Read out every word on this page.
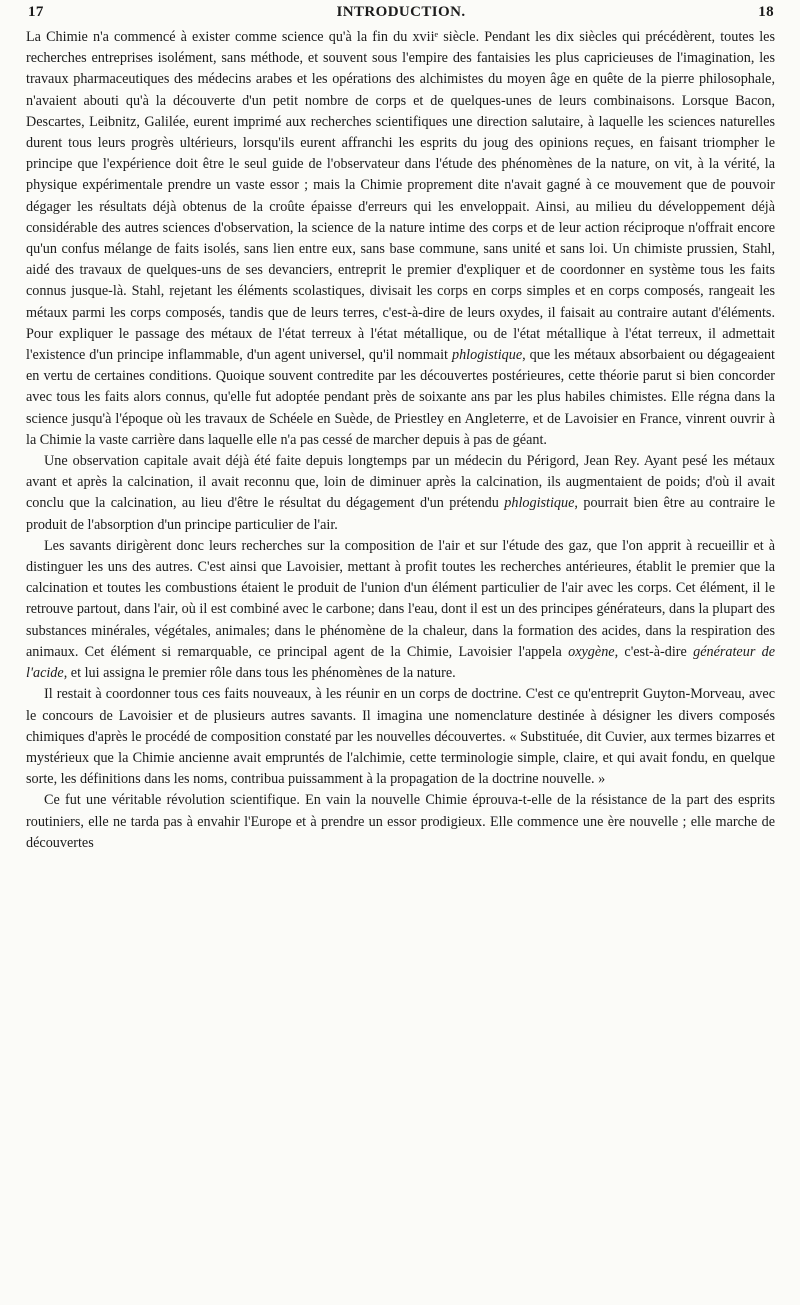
17	INTRODUCTION.	18

La Chimie n'a commencé à exister comme science qu'à la fin du xviiᵉ siècle. Pendant les dix siècles qui précédèrent, toutes les recherches entreprises isolément, sans méthode, et souvent sous l'empire des fantaisies les plus capricieuses de l'imagination, les travaux pharmaceutiques des médecins arabes et les opérations des alchimistes du moyen âge en quête de la pierre philosophale, n'avaient abouti qu'à la découverte d'un petit nombre de corps et de quelques-unes de leurs combinaisons. Lorsque Bacon, Descartes, Leibnitz, Galilée, eurent imprimé aux recherches scientifiques une direction salutaire, à laquelle les sciences naturelles durent tous leurs progrès ultérieurs, lorsqu'ils eurent affranchi les esprits du joug des opinions reçues, en faisant triompher le principe que l'expérience doit être le seul guide de l'observateur dans l'étude des phénomènes de la nature, on vit, à la vérité, la physique expérimentale prendre un vaste essor ; mais la Chimie proprement dite n'avait gagné à ce mouvement que de pouvoir dégager les résultats déjà obtenus de la croûte épaisse d'erreurs qui les enveloppait. Ainsi, au milieu du développement déjà considérable des autres sciences d'observation, la science de la nature intime des corps et de leur action réciproque n'offrait encore qu'un confus mélange de faits isolés, sans lien entre eux, sans base commune, sans unité et sans loi. Un chimiste prussien, Stahl, aidé des travaux de quelques-uns de ses devanciers, entreprit le premier d'expliquer et de coordonner en système tous les faits connus jusque-là. Stahl, rejetant les éléments scolastiques, divisait les corps en corps simples et en corps composés, rangeait les métaux parmi les corps composés, tandis que de leurs terres, c'est-à-dire de leurs oxydes, il faisait au contraire autant d'éléments. Pour expliquer le passage des métaux de l'état terreux à l'état métallique, ou de l'état métallique à l'état terreux, il admettait l'existence d'un principe inflammable, d'un agent universel, qu'il nommait phlogistique, que les métaux absorbaient ou dégageaient en vertu de certaines conditions. Quoique souvent contredite par les découvertes postérieures, cette théorie parut si bien concorder avec tous les faits alors connus, qu'elle fut adoptée pendant près de soixante ans par les plus habiles chimistes. Elle régna dans la science jusqu'à l'époque où les travaux de Schéele en Suède, de Priestley en Angleterre, et de Lavoisier en France, vinrent ouvrir à la Chimie la vaste carrière dans laquelle elle n'a pas cessé de marcher depuis à pas de géant.

Une observation capitale avait déjà été faite depuis longtemps par un médecin du Périgord, Jean Rey. Ayant pesé les métaux avant et après la calcination, il avait reconnu que, loin de diminuer après la calcination, ils augmentaient de poids; d'où il avait conclu que la calcination, au lieu d'être le résultat du dégagement d'un prétendu phlogistique, pourrait bien être au contraire le produit de l'absorption d'un principe particulier de l'air.

Les savants dirigèrent donc leurs recherches sur la composition de l'air et sur l'étude des gaz, que l'on apprit à recueillir et à distinguer les uns des autres. C'est ainsi que Lavoisier, mettant à profit toutes les recherches antérieures, établit le premier que la calcination et toutes les combustions étaient le produit de l'union d'un élément particulier de l'air avec les corps. Cet élément, il le retrouve partout, dans l'air, où il est combiné avec le carbone; dans l'eau, dont il est un des principes générateurs, dans la plupart des substances minérales, végétales, animales; dans le phénomène de la chaleur, dans la formation des acides, dans la respiration des animaux. Cet élément si remarquable, ce principal agent de la Chimie, Lavoisier l'appela oxygène, c'est-à-dire générateur de l'acide, et lui assigna le premier rôle dans tous les phénomènes de la nature.

Il restait à coordonner tous ces faits nouveaux, à les réunir en un corps de doctrine. C'est ce qu'entreprit Guyton-Morveau, avec le concours de Lavoisier et de plusieurs autres savants. Il imagina une nomenclature destinée à désigner les divers composés chimiques d'après le procédé de composition constaté par les nouvelles découvertes. « Substituée, dit Cuvier, aux termes bizarres et mystérieux que la Chimie ancienne avait empruntés de l'alchimie, cette terminologie simple, claire, et qui avait fondu, en quelque sorte, les définitions dans les noms, contribua puissamment à la propagation de la doctrine nouvelle. »

Ce fut une véritable révolution scientifique. En vain la nouvelle Chimie éprouva-t-elle de la résistance de la part des esprits routiniers, elle ne tarda pas à envahir l'Europe et à prendre un essor prodigieux. Elle commence une ère nouvelle ; elle marche de découvertes
